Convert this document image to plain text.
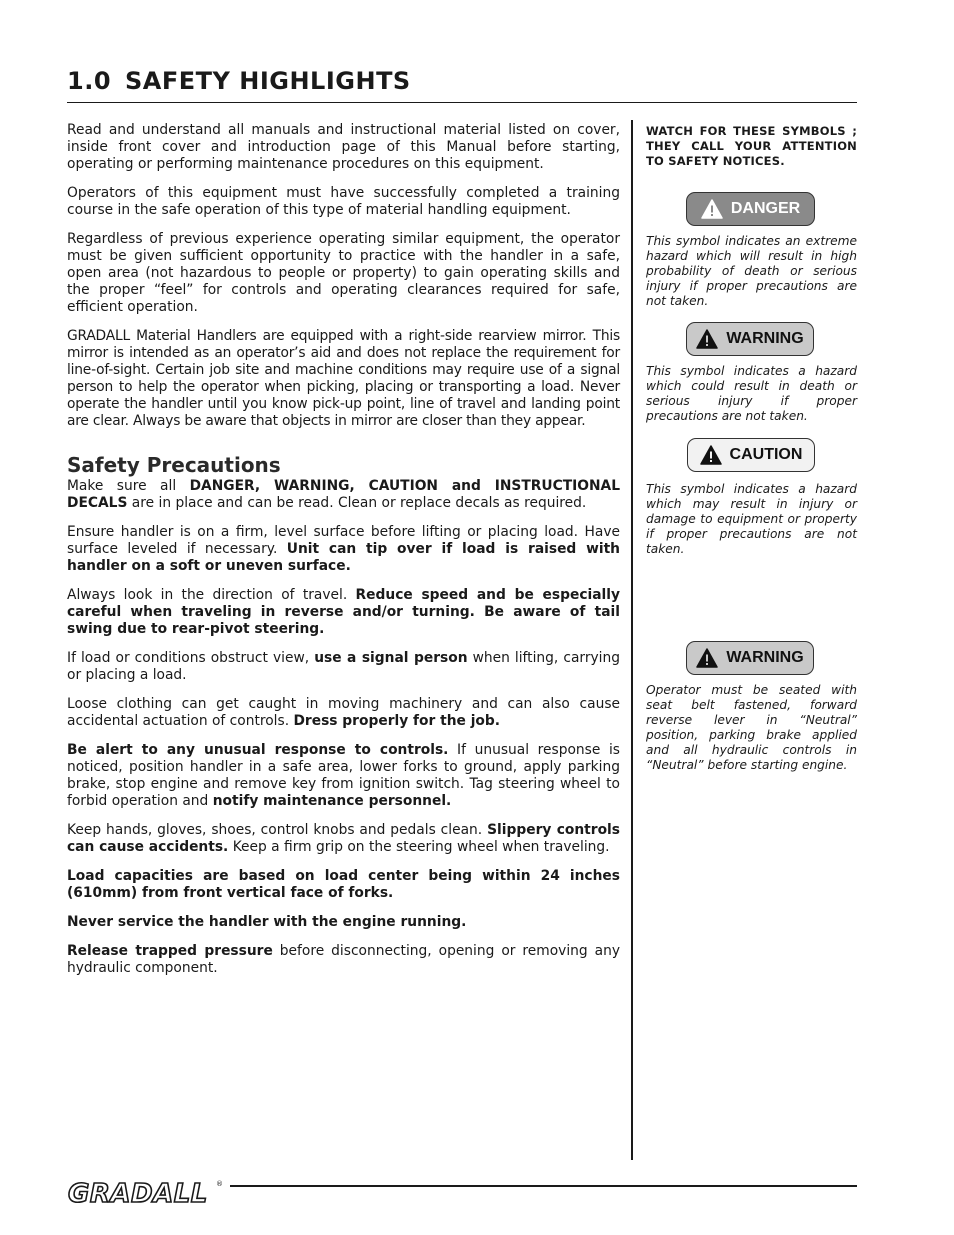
1.0 SAFETY HIGHLIGHTS

Read and understand all manuals and instructional material listed on cover, inside front cover and introduction page of this Manual before starting, operating or performing maintenance procedures on this equipment.

Operators of this equipment must have successfully completed a training course in the safe operation of this type of material handling equipment.

Regardless of previous experience operating similar equipment, the operator must be given sufficient opportunity to practice with the handler in a safe, open area (not hazardous to people or property) to gain operating skills and the proper “feel” for controls and operating clearances required for safe, efficient operation.

GRADALL Material Handlers are equipped with a right-side rearview mirror. This mirror is intended as an operator’s aid and does not replace the requirement for line-of-sight. Certain job site and machine conditions may require use of a signal person to help the operator when picking, placing or transporting a load. Never operate the handler until you know pick-up point, line of travel and landing point are clear. Always be aware that objects in mirror are closer than they appear.

Safety Precautions

Make sure all DANGER, WARNING, CAUTION and INSTRUCTIONAL DECALS are in place and can be read. Clean or replace decals as required.

Ensure handler is on a firm, level surface before lifting or placing load. Have surface leveled if necessary. Unit can tip over if load is raised with handler on a soft or uneven surface.

Always look in the direction of travel. Reduce speed and be especially careful when traveling in reverse and/or turning. Be aware of tail swing due to rear-pivot steering.

If load or conditions obstruct view, use a signal person when lifting, carrying or placing a load.

Loose clothing can get caught in moving machinery and can also cause accidental actuation of controls. Dress properly for the job.

Be alert to any unusual response to controls. If unusual response is noticed, position handler in a safe area, lower forks to ground, apply parking brake, stop engine and remove key from ignition switch. Tag steering wheel to forbid operation and notify maintenance personnel.

Keep hands, gloves, shoes, control knobs and pedals clean. Slippery controls can cause accidents. Keep a firm grip on the steering wheel when traveling.

Load capacities are based on load center being within 24 inches (610mm) from front vertical face of forks.

Never service the handler with the engine running.

Release trapped pressure before disconnecting, opening or removing any hydraulic component.

WATCH FOR THESE SYMBOLS ; THEY CALL YOUR ATTENTION TO SAFETY NOTICES.
DANGER
This symbol indicates an extreme hazard which will result in high probability of death or serious injury if proper precautions are not taken.
WARNING
This symbol indicates a hazard which could result in death or serious injury if proper precautions are not taken.
CAUTION
This symbol indicates a hazard which may result in injury or damage to equipment or property if proper precautions are not taken.
WARNING
Operator must be seated with seat belt fastened, forward reverse lever in “Neutral” position, parking brake applied and all hydraulic controls in “Neutral” before starting engine.
GRADALL ®
